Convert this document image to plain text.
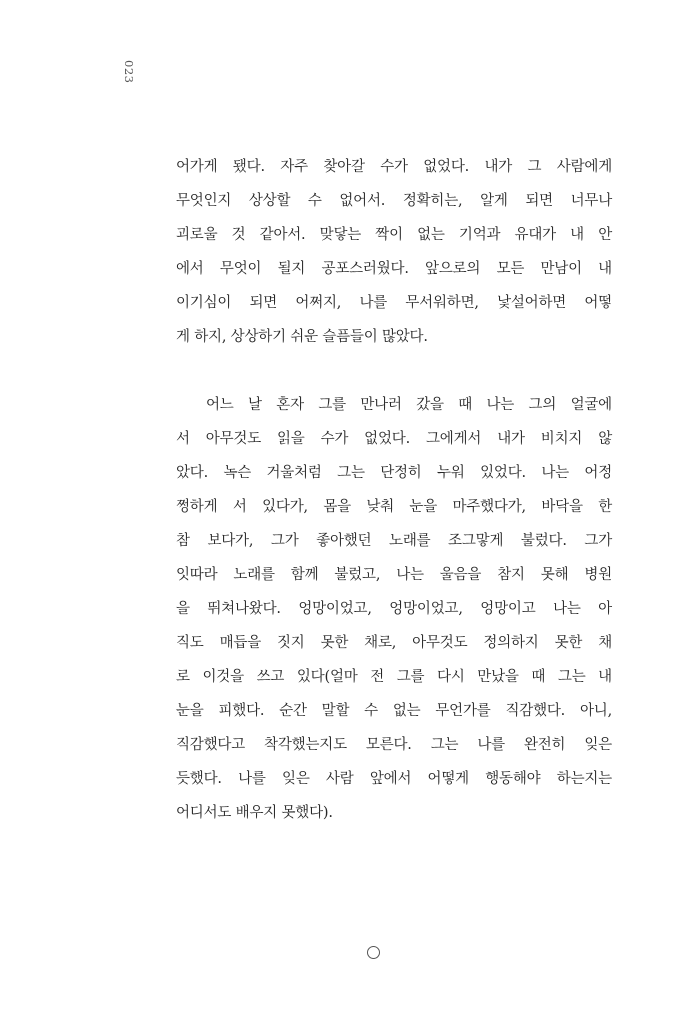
023
어가게 됐다. 자주 찾아갈 수가 없었다. 내가 그 사람에게
무엇인지 상상할 수 없어서. 정확히는, 알게 되면 너무나
괴로울 것 같아서. 맞닿는 짝이 없는 기억과 유대가 내 안
에서 무엇이 될지 공포스러웠다. 앞으로의 모든 만남이 내
이기심이 되면 어쩌지, 나를 무서워하면, 낯설어하면 어떻
게 하지, 상상하기 쉬운 슬픔들이 많았다.
어느 날 혼자 그를 만나러 갔을 때 나는 그의 얼굴에
서 아무것도 읽을 수가 없었다. 그에게서 내가 비치지 않
았다. 녹슨 거울처럼 그는 단정히 누워 있었다. 나는 어정
쩡하게 서 있다가, 몸을 낮춰 눈을 마주했다가, 바닥을 한
참 보다가, 그가 좋아했던 노래를 조그맣게 불렀다. 그가
잇따라 노래를 함께 불렀고, 나는 울음을 참지 못해 병원
을 뛰쳐나왔다. 엉망이었고, 엉망이었고, 엉망이고 나는 아
직도 매듭을 짓지 못한 채로, 아무것도 정의하지 못한 채
로 이것을 쓰고 있다(얼마 전 그를 다시 만났을 때 그는 내
눈을 피했다. 순간 말할 수 없는 무언가를 직감했다. 아니,
직감했다고 착각했는지도 모른다. 그는 나를 완전히 잊은
듯했다. 나를 잊은 사람 앞에서 어떻게 행동해야 하는지는
어디서도 배우지 못했다).
